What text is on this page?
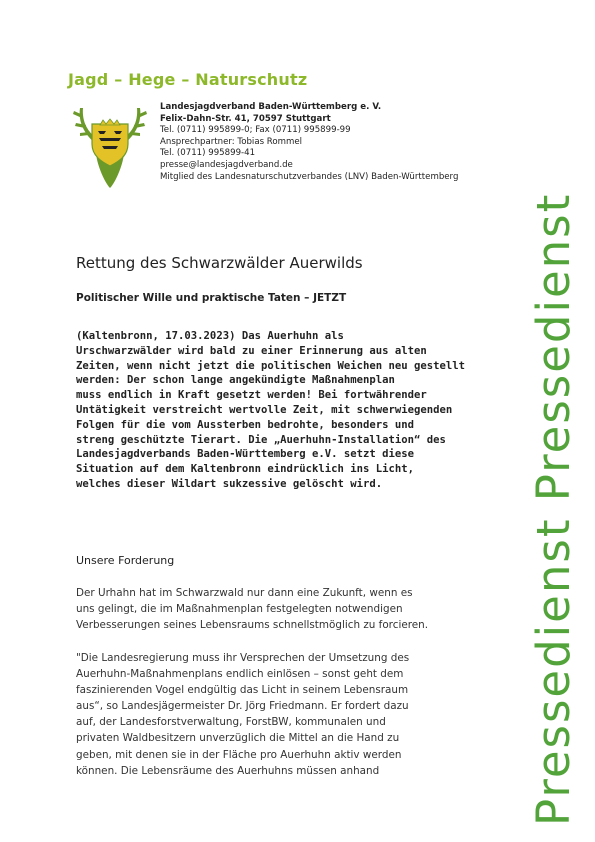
Jagd – Hege – Naturschutz
Landesjagdverband Baden-Württemberg e. V.
Felix-Dahn-Str. 41, 70597 Stuttgart
Tel. (0711) 995899-0; Fax (0711) 995899-99
Ansprechpartner: Tobias Rommel
Tel. (0711) 995899-41
presse@landesjagdverband.de
Mitglied des Landesnaturschutzverbandes (LNV) Baden-Württemberg
Rettung des Schwarzwälder Auerwilds
Politischer Wille und praktische Taten – JETZT
(Kaltenbronn, 17.03.2023) Das Auerhuhn als
Urschwarzwälder wird bald zu einer Erinnerung aus alten
Zeiten, wenn nicht jetzt die politischen Weichen neu gestellt
werden: Der schon lange angekündigte Maßnahmenplan
muss endlich in Kraft gesetzt werden! Bei fortwährender
Untätigkeit verstreicht wertvolle Zeit, mit schwerwiegenden
Folgen für die vom Aussterben bedrohte, besonders und
streng geschützte Tierart. Die „Auerhuhn-Installation“ des
Landesjagdverbands Baden-Württemberg e.V. setzt diese
Situation auf dem Kaltenbronn eindrücklich ins Licht,
welches dieser Wildart sukzessive gelöscht wird.
Unsere Forderung
Der Urhahn hat im Schwarzwald nur dann eine Zukunft, wenn es
uns gelingt, die im Maßnahmenplan festgelegten notwendigen
Verbesserungen seines Lebensraums schnellstmöglich zu forcieren.
"Die Landesregierung muss ihr Versprechen der Umsetzung des
Auerhuhn-Maßnahmenplans endlich einlösen – sonst geht dem
faszinierenden Vogel endgültig das Licht in seinem Lebensraum
aus“, so Landesjägermeister Dr. Jörg Friedmann. Er fordert dazu
auf, der Landesforstverwaltung, ForstBW, kommunalen und
privaten Waldbesitzern unverzüglich die Mittel an die Hand zu
geben, mit denen sie in der Fläche pro Auerhuhn aktiv werden
können. Die Lebensräume des Auerhuhns müssen anhand	Pressedienst Pressedienst
